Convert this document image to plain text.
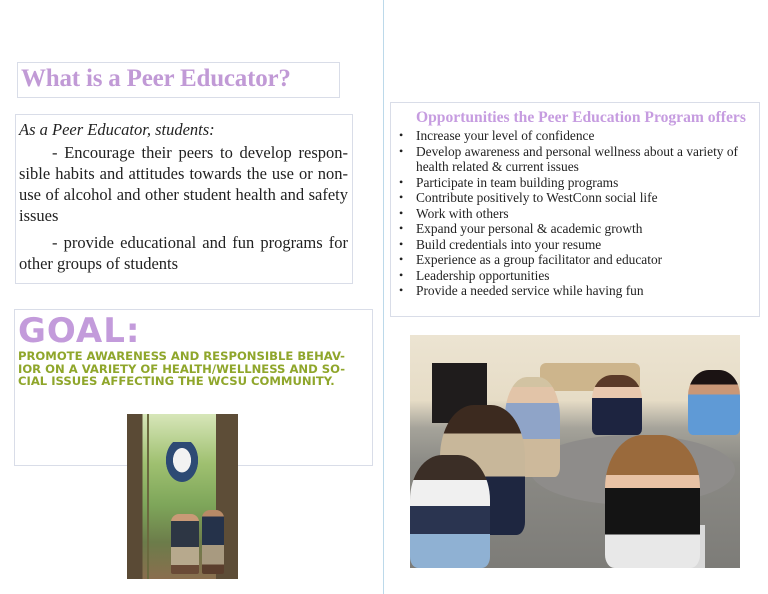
What is a Peer Educator?

As a Peer Educator, students:

- Encourage their peers to develop respon-sible habits and attitudes towards the use or non-use of alcohol and other student health and safety issues

- provide educational and fun programs for other groups of students

GOAL:
PROMOTE AWARENESS AND RESPONSIBLE BEHAV-IOR ON A VARIETY OF HEALTH/WELLNESS AND SO-CIAL ISSUES AFFECTING THE WCSU COMMUNITY.
Opportunities the Peer Education Program offers
• Increase your level of confidence
• Develop awareness and personal wellness about a variety of health related & current issues
• Participate in team building programs
• Contribute positively to WestConn social life
• Work with others
• Expand your personal & academic growth
• Build credentials into your resume
• Experience as a group facilitator and educator
• Leadership opportunities
• Provide a needed service while having fun
